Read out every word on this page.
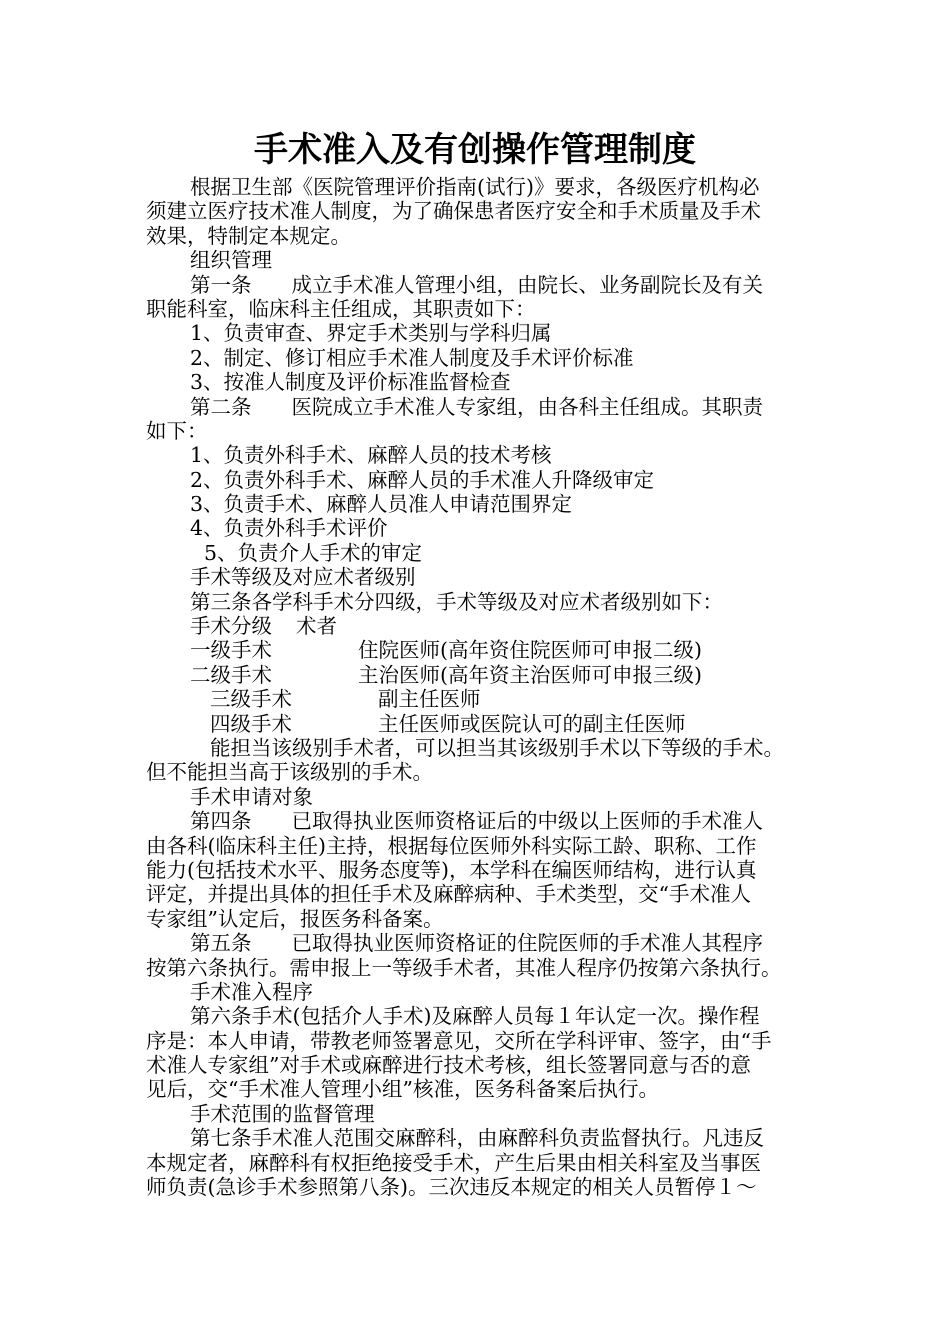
手术准入及有创操作管理制度

根据卫生部《医院管理评价指南(试行)》要求，各级医疗机构必

须建立医疗技术准人制度，为了确保患者医疗安全和手术质量及手术

效果，特制定本规定。

组织管理

第一条 成立手术准人管理小组，由院长、业务副院长及有关

职能科室，临床科主任组成，其职责如下：

1、负责审查、界定手术类别与学科归属

2、制定、修订相应手术准人制度及手术评价标准

3、按准人制度及评价标准监督检查

第二条 医院成立手术准人专家组，由各科主任组成。其职责

如下：

1、负责外科手术、麻醉人员的技术考核

2、负责外科手术、麻醉人员的手术准人升降级审定

3、负责手术、麻醉人员准人申请范围界定

4、负责外科手术评价

5、负责介人手术的审定

手术等级及对应术者级别

第三条各学科手术分四级，手术等级及对应术者级别如下：

手术分级 术者

一级手术	住院医师(高年资住院医师可申报二级)

二级手术	主治医师(高年资主治医师可申报三级)

三级手术	副主任医师

四级手术	主任医师或医院认可的副主任医师

能担当该级别手术者，可以担当其该级别手术以下等级的手术。

但不能担当高于该级别的手术。

手术申请对象

第四条 已取得执业医师资格证后的中级以上医师的手术准人

由各科(临床科主任)主持，根据每位医师外科实际工龄、职称、工作

能力(包括技术水平、服务态度等)，本学科在编医师结构，进行认真

评定，并提出具体的担任手术及麻醉病种、手术类型，交“手术准人

专家组”认定后，报医务科备案。

第五条 已取得执业医师资格证的住院医师的手术准人其程序

按第六条执行。需申报上一等级手术者，其准人程序仍按第六条执行。

手术准入程序

第六条手术(包括介人手术)及麻醉人员每１年认定一次。操作程

序是：本人申请，带教老师签署意见，交所在学科评审、签字，由“手

术准人专家组”对手术或麻醉进行技术考核，组长签署同意与否的意

见后，交“手术准人管理小组”核准，医务科备案后执行。

手术范围的监督管理

第七条手术准人范围交麻醉科，由麻醉科负责监督执行。凡违反

本规定者，麻醉科有权拒绝接受手术，产生后果由相关科室及当事医

师负责(急诊手术参照第八条)。三次违反本规定的相关人员暂停１～
